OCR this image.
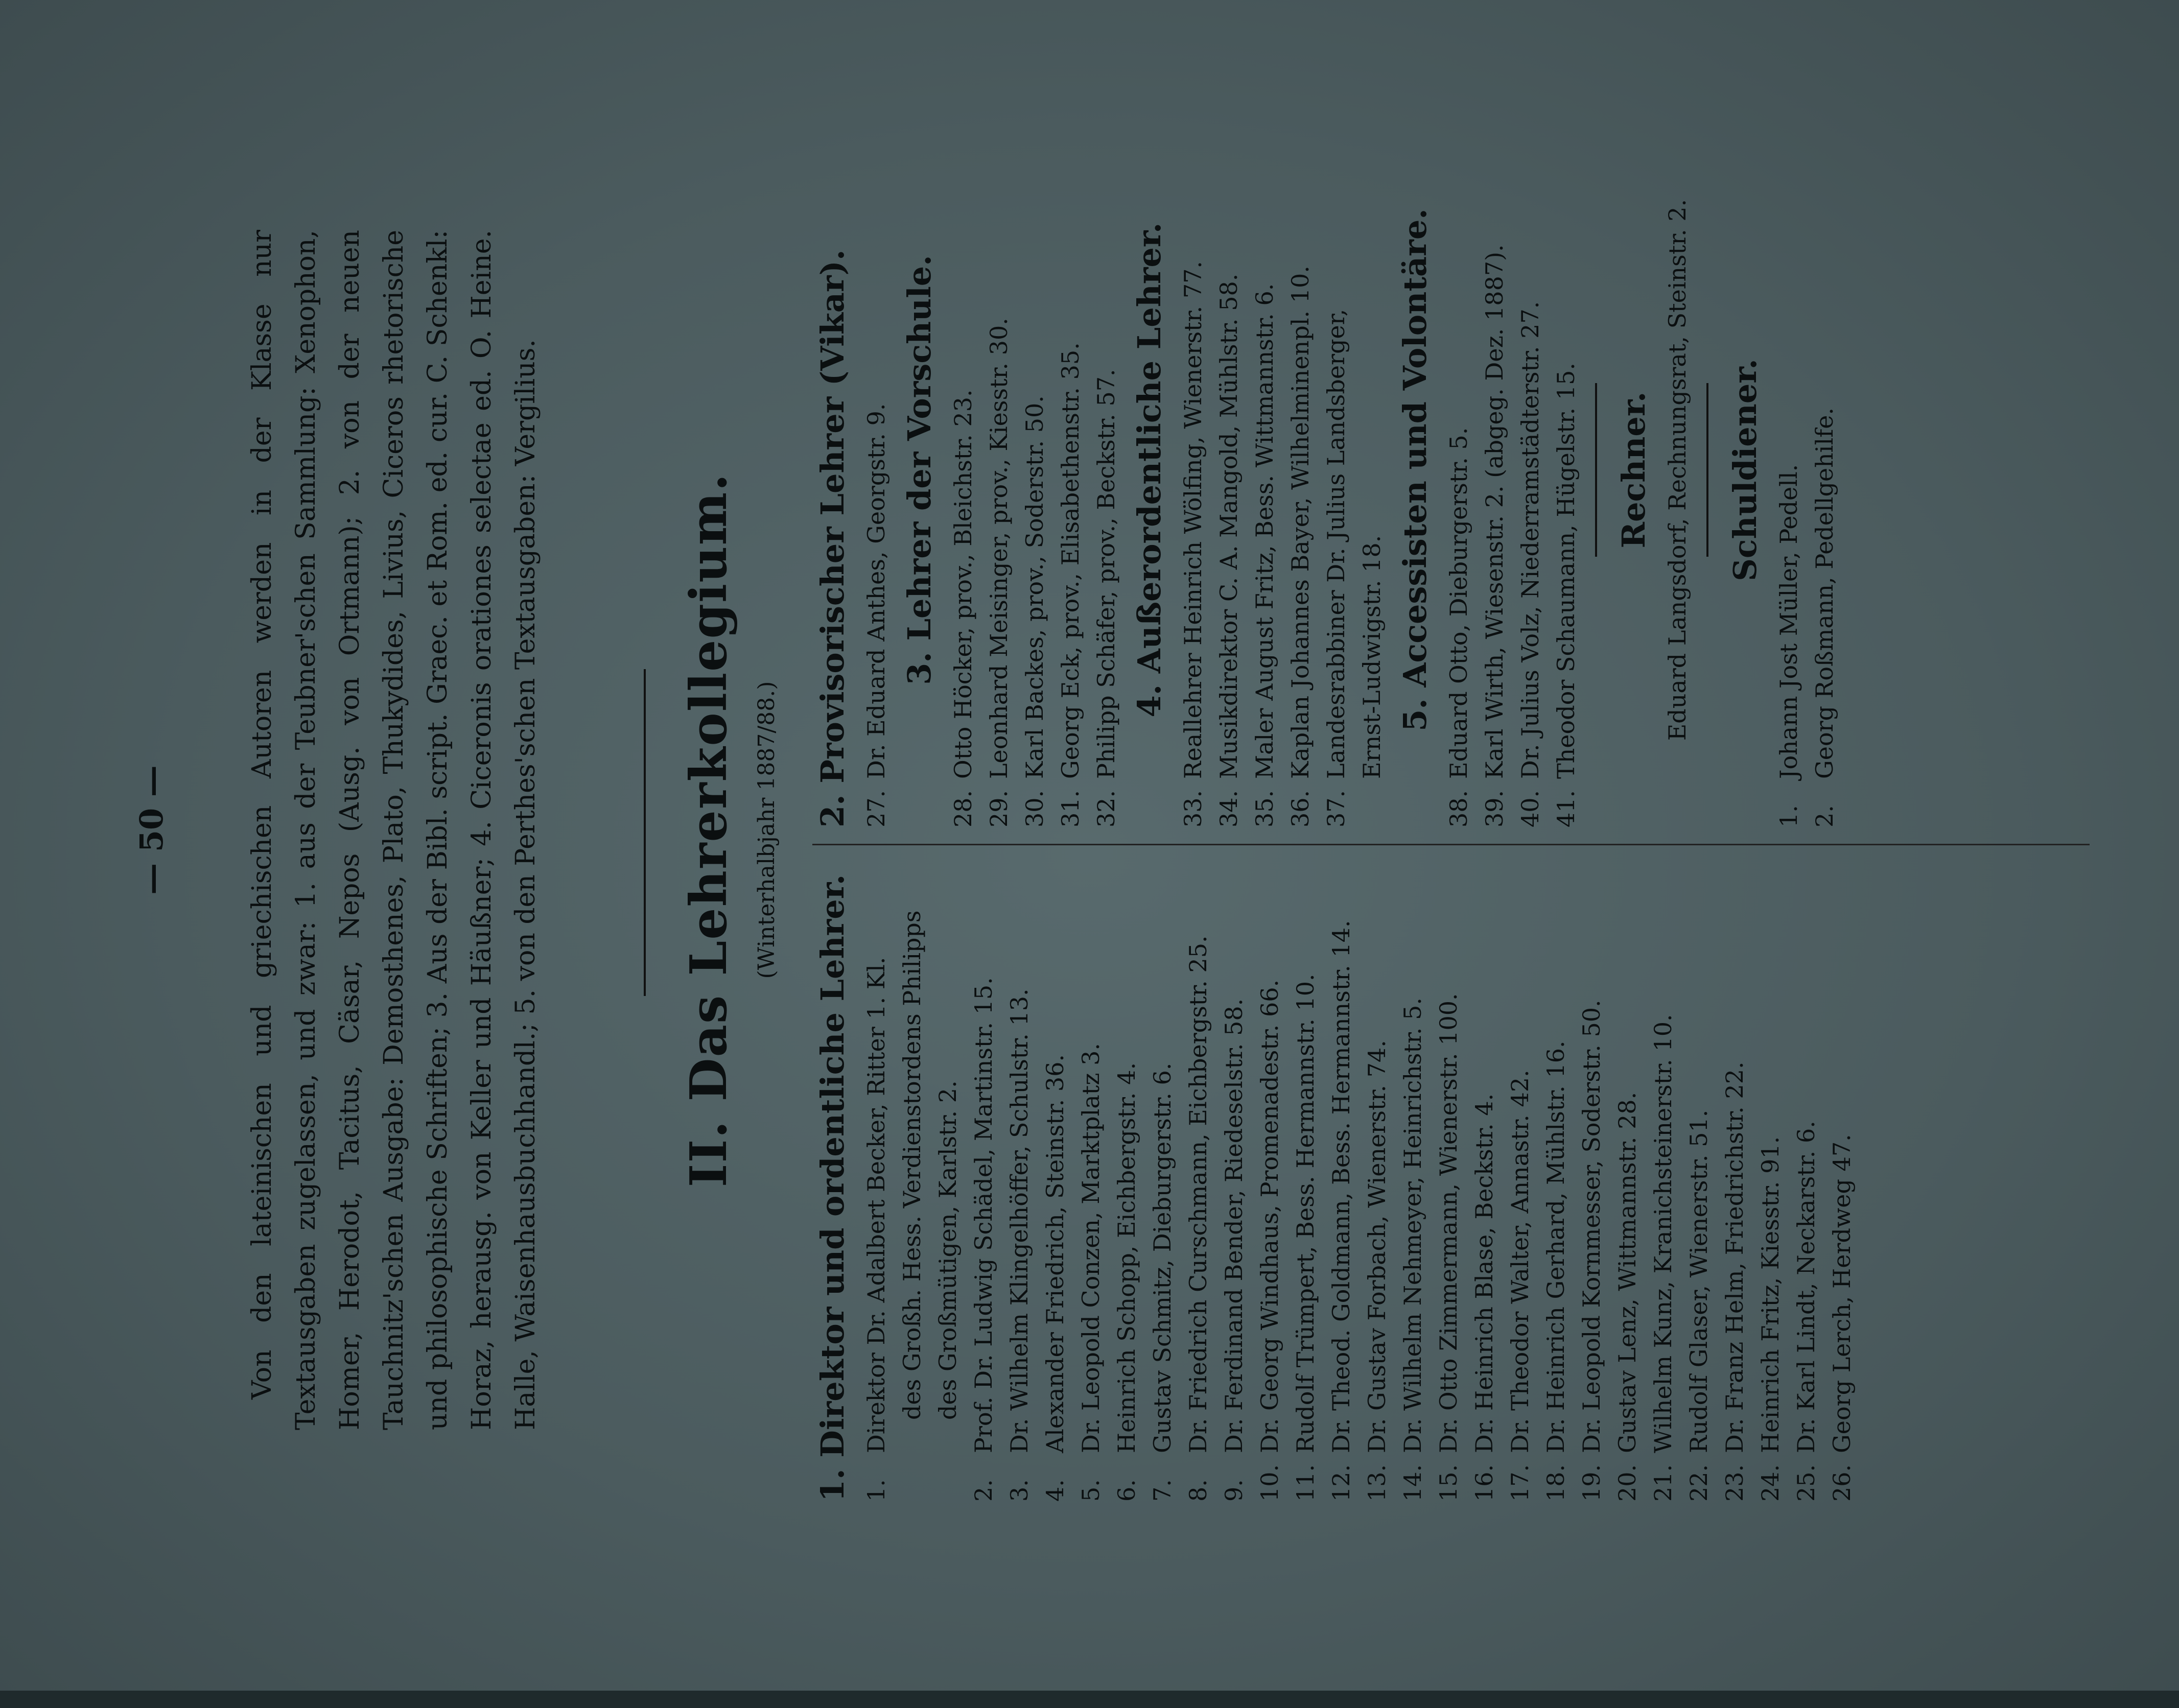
— 50 —	Von den lateinischen und griechischen Autoren werden in der Klasse nur Textausgaben zugelassen, und zwar: 1. aus der Teubner'schen Sammlung: Xenophon, Homer, Herodot, Tacitus, Cäsar, Nepos (Ausg. von Ortmann); 2. von der neuen Tauchnitz'schen Ausgabe: Demosthenes, Plato, Thukydides, Livius, Ciceros rhetorische und philosophische Schriften; 3. Aus der Bibl. script. Graec. et Rom. ed. cur. C. Schenkl: Horaz, herausg. von Keller und Häußner; 4. Ciceronis orationes selectae ed. O. Heine. Halle, Waisenhausbuchhandl.; 5. von den Perthes'schen Textausgaben: Vergilius.	II. Das Lehrerkollegium. (Winterhalbjahr 1887/88.)
1. Direktor und ordentliche Lehrer. 1.
Direktor Dr. Adalbert Becker, Ritter 1. Kl. des Großh. Hess. Verdienstordens Philipps des Großmütigen, Karlstr. 2.
2.
Prof. Dr. Ludwig Schädel, Martinstr. 15.
3.
Dr. Wilhelm Klingelhöffer, Schulstr. 13.
4.
Alexander Friedrich, Steinstr. 36.
5.
Dr. Leopold Conzen, Marktplatz 3.
6.
Heinrich Schopp, Eichbergstr. 4.
7.
Gustav Schmitz, Dieburgerstr. 6.
8.
Dr. Friedrich Curschmann, Eichbergstr. 25.
9.
Dr. Ferdinand Bender, Riedeselstr. 58.
10.
Dr. Georg Windhaus, Promenadestr. 66.
11.
Rudolf Trümpert, Bess. Hermannstr. 10.
12.
Dr. Theod. Goldmann, Bess. Hermannstr. 14.
13.
Dr. Gustav Forbach, Wienerstr. 74.
14.
Dr. Wilhelm Nehmeyer, Heinrichstr. 5.
15.
Dr. Otto Zimmermann, Wienerstr. 100.
16.
Dr. Heinrich Blase, Beckstr. 4.
17.
Dr. Theodor Walter, Annastr. 42.
18.
Dr. Heinrich Gerhard, Mühlstr. 16.
19.
Dr. Leopold Kornmesser, Soderstr. 50.
20.
Gustav Lenz, Wittmannstr. 28.
21.
Wilhelm Kunz, Kranichsteinerstr. 10.
22.
Rudolf Glaser, Wienerstr. 51.
23.
Dr. Franz Helm, Friedrichstr. 22.
24.
Heinrich Fritz, Kiesstr. 91.
25.
Dr. Karl Lindt, Neckarstr. 6.
26.
Georg Lerch, Herdweg 47.
2. Provisorischer Lehrer (Vikar). 27.
Dr. Eduard Anthes, Georgstr. 9. 3. Lehrer der Vorschule.
28.
Otto Höcker, prov., Bleichstr. 23.
29.
Leonhard Meisinger, prov., Kiesstr. 30.
30.
Karl Backes, prov., Soderstr. 50.
31.
Georg Eck, prov., Elisabethenstr. 35.
32.
Philipp Schäfer, prov., Beckstr. 57. 4. Außerordentliche Lehrer.
33.
Reallehrer Heinrich Wölfing, Wienerstr. 77.
34.
Musikdirektor C. A. Mangold, Mühlstr. 58.
35.
Maler August Fritz, Bess. Wittmannstr. 6.
36.
Kaplan Johannes Bayer, Wilhelminenpl. 10.
37.
Landesrabbiner Dr. Julius Landsberger, Ernst-Ludwigstr. 18. 5. Accessisten und Volontäre.
38.
Eduard Otto, Dieburgerstr. 5.
39.
Karl Wirth, Wiesenstr. 2. (abgeg. Dez. 1887).
40.
Dr. Julius Volz, Niederramstädterstr. 27.
41.
Theodor Schaumann, Hügelstr. 15. Rechner. Eduard Langsdorf, Rechnungsrat, Steinstr. 2. Schuldiener.
1.
Johann Jost Müller, Pedell.
2.
Georg Roßmann, Pedellgehilfe.
